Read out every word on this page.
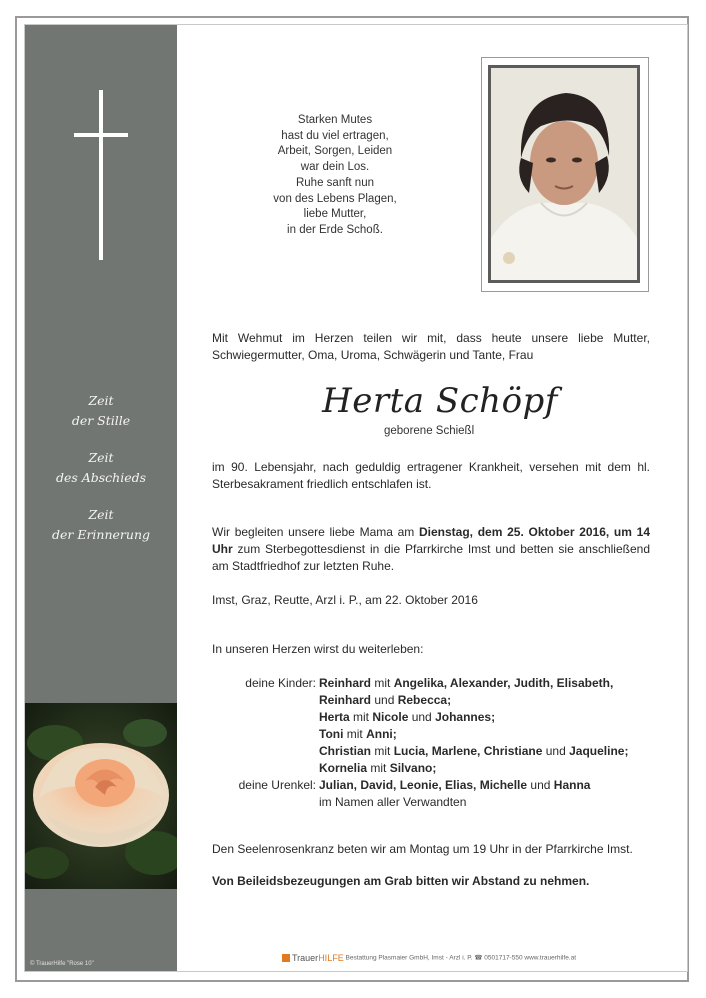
Zeit
der Stille
Zeit
des Abschieds
Zeit
der Erinnerung
© TrauerHilfe "Rose 10"
Starken Mutes
hast du viel ertragen,
Arbeit, Sorgen, Leiden
war dein Los.
Ruhe sanft nun
von des Lebens Plagen,
liebe Mutter,
in der Erde Schoß.
Mit Wehmut im Herzen teilen wir mit, dass heute unsere liebe Mutter, Schwiegermutter, Oma, Uroma, Schwägerin und Tante, Frau
Herta Schöpf
geborene Schießl
im 90. Lebensjahr, nach geduldig ertragener Krankheit, versehen mit dem hl. Sterbesakrament friedlich entschlafen ist.
Wir begleiten unsere liebe Mama am Dienstag, dem 25. Oktober 2016, um 14 Uhr zum Sterbegottesdienst in die Pfarrkirche Imst und betten sie anschließend am Stadtfriedhof zur letzten Ruhe.
Imst, Graz, Reutte, Arzl i. P., am 22. Oktober 2016
In unseren Herzen wirst du weiterleben:
deine Kinder: Reinhard mit Angelika, Alexander, Judith, Elisabeth,
Reinhard und Rebecca;
Herta mit Nicole und Johannes;
Toni mit Anni;
Christian mit Lucia, Marlene, Christiane und Jaqueline;
Kornelia mit Silvano;
deine Urenkel: Julian, David, Leonie, Elias, Michelle und Hanna
im Namen aller Verwandten
Den Seelenrosenkranz beten wir am Montag um 19 Uhr in der Pfarrkirche Imst.
Von Beileidsbezeugungen am Grab bitten wir Abstand zu nehmen.
TrauerHILFE Bestattung Plasmaier GmbH, Imst - Arzl i. P. ☎ 0501717-550 www.trauerhilfe.at
